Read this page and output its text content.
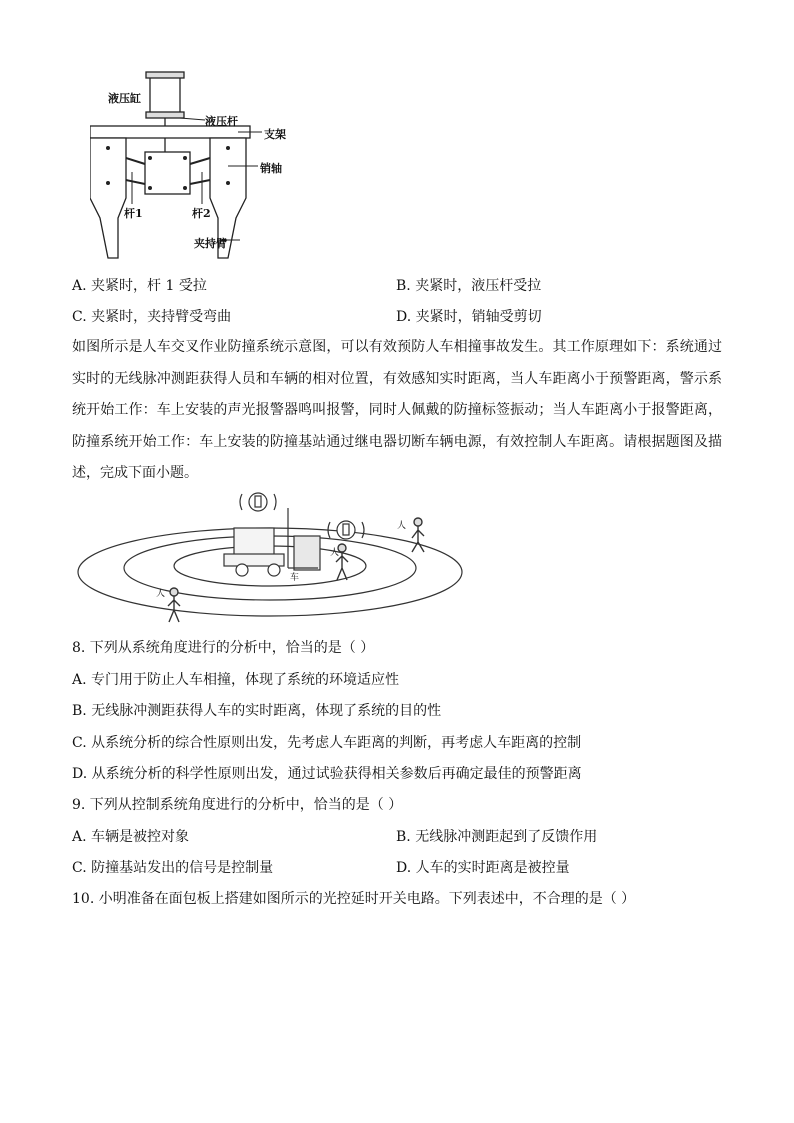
液压缸
液压杆
支架
销轴
杆1	杆2
夹持臂
A. 夹紧时，杆 1 受拉	B. 夹紧时，液压杆受拉
C. 夹紧时，夹持臂受弯曲	D. 夹紧时，销轴受剪切
如图所示是人车交叉作业防撞系统示意图，可以有效预防人车相撞事故发生。其工作原理如下：系统通过实时的无线脉冲测距获得人员和车辆的相对位置，有效感知实时距离，当人车距离小于预警距离，警示系统开始工作：车上安装的声光报警器鸣叫报警，同时人佩戴的防撞标签振动；当人车距离小于报警距离，防撞系统开始工作：车上安装的防撞基站通过继电器切断车辆电源，有效控制人车距离。请根据题图及描述，完成下面小题。
人
人
人
车
8. 下列从系统角度进行的分析中，恰当的是（ ）
A. 专门用于防止人车相撞，体现了系统的环境适应性
B. 无线脉冲测距获得人车的实时距离，体现了系统的目的性
C. 从系统分析的综合性原则出发，先考虑人车距离的判断，再考虑人车距离的控制
D. 从系统分析的科学性原则出发，通过试验获得相关参数后再确定最佳的预警距离
9. 下列从控制系统角度进行的分析中，恰当的是（ ）
A. 车辆是被控对象	B. 无线脉冲测距起到了反馈作用
C. 防撞基站发出的信号是控制量	D. 人车的实时距离是被控量
10. 小明准备在面包板上搭建如图所示的光控延时开关电路。下列表述中，不合理的是（ ）
